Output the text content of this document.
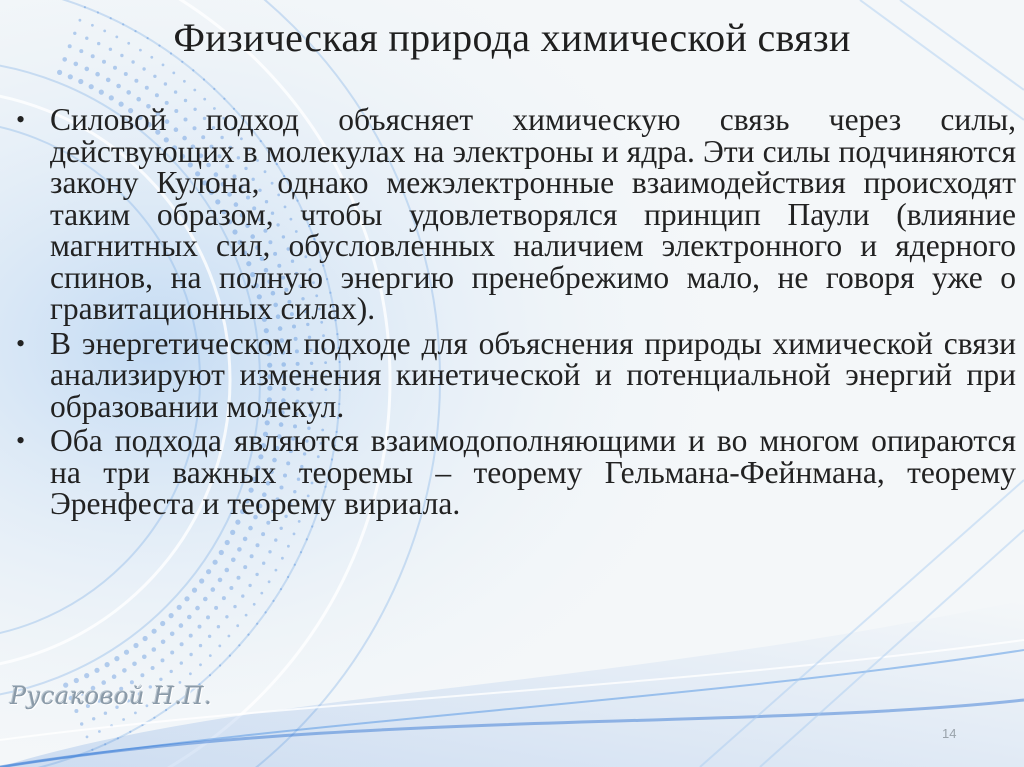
Физическая природа химической связи
• Силовой подход объясняет химическую связь через силы, действующих в молекулах на электроны и ядра. Эти силы подчиняются закону Кулона, однако межэлектронные взаимодействия происходят таким образом, чтобы удовлетворялся принцип Паули (влияние магнитных сил, обусловленных наличием электронного и ядерного спинов, на полную энергию пренебрежимо мало, не говоря уже о гравитационных силах).
• В энергетическом подходе для объяснения природы химической связи анализируют изменения кинетической и потенциальной энергий при образовании молекул.
• Оба подхода являются взаимодополняющими и во многом опираются на три важных теоремы – теорему Гельмана-Фейнмана, теорему Эренфеста и теорему вириала.
Русаковой Н.П.
14
